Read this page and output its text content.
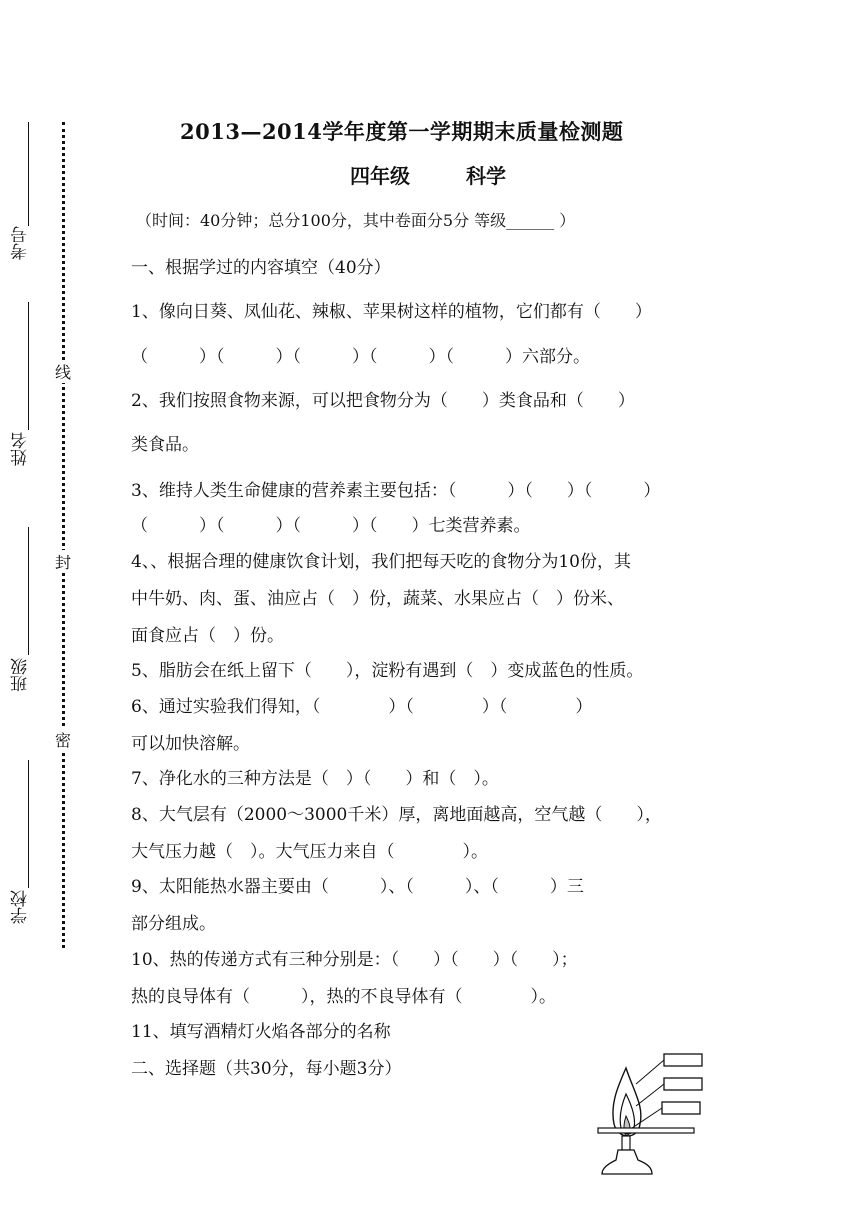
考号
姓名
班级
学校
线
封
密
2013—2014学年度第一学期期末质量检测题
四年级	科学
（时间：40分钟；总分100分，其中卷面分5分 等级______ ）
一、根据学过的内容填空（40分）
1、像向日葵、凤仙花、辣椒、苹果树这样的植物，它们都有（　　）
（　　　）（　　　）（　　　）（　　　）（　　　）六部分。
2、我们按照食物来源，可以把食物分为（　　）类食品和（　　）
类食品。
3、维持人类生命健康的营养素主要包括：（　　　）（　　）（　　　）
（　　　）（　　　）（　　　）（　　）七类营养素。
4、、根据合理的健康饮食计划，我们把每天吃的食物分为10份，其
中牛奶、肉、蛋、油应占（　）份，蔬菜、水果应占（　）份米、
面食应占（　）份。
5、脂肪会在纸上留下（　　），淀粉有遇到（　）变成蓝色的性质。
6、通过实验我们得知，（　　　　）（　　　　）（　　　　）
可以加快溶解。
7、净化水的三种方法是（　）（　　）和（　）。
8、大气层有（2000～3000千米）厚，离地面越高，空气越（　　），
大气压力越（　）。大气压力来自（　　　　）。
9、太阳能热水器主要由（　　　）、（　　　）、（　　　）三
部分组成。
10、热的传递方式有三种分别是：（　　）（　　）（　　）；
热的良导体有（　　　），热的不良导体有（　　　　）。
11、填写酒精灯火焰各部分的名称
二、选择题（共30分，每小题3分）
